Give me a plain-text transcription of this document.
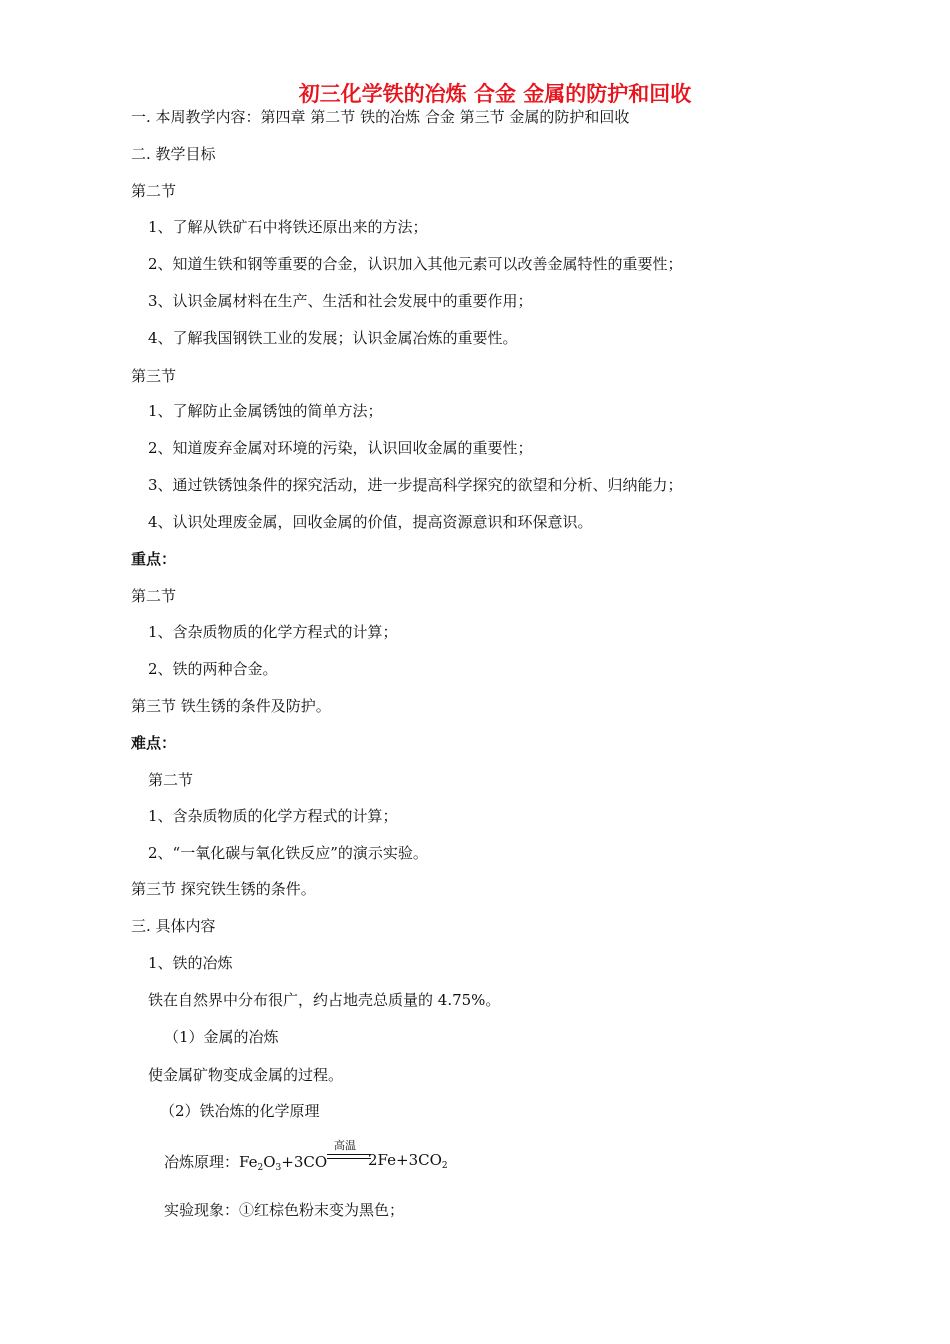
初三化学铁的冶炼 合金 金属的防护和回收
一. 本周教学内容：第四章 第二节 铁的冶炼 合金 第三节 金属的防护和回收
二. 教学目标
第二节
1、了解从铁矿石中将铁还原出来的方法；
2、知道生铁和钢等重要的合金，认识加入其他元素可以改善金属特性的重要性；
3、认识金属材料在生产、生活和社会发展中的重要作用；
4、了解我国钢铁工业的发展；认识金属冶炼的重要性。
第三节
1、了解防止金属锈蚀的简单方法；
2、知道废弃金属对环境的污染，认识回收金属的重要性；
3、通过铁锈蚀条件的探究活动，进一步提高科学探究的欲望和分析、归纳能力；
4、认识处理废金属，回收金属的价值，提高资源意识和环保意识。
重点：
第二节
1、含杂质物质的化学方程式的计算；
2、铁的两种合金。
第三节 铁生锈的条件及防护。
难点：
第二节
1、含杂质物质的化学方程式的计算；
2、“一氧化碳与氧化铁反应”的演示实验。
第三节 探究铁生锈的条件。
三. 具体内容
1、铁的冶炼
铁在自然界中分布很广，约占地壳总质量的 4.75%。
（1）金属的冶炼
使金属矿物变成金属的过程。
（2）铁冶炼的化学原理
高温
冶炼原理：$Fe_2O_3+3CO$	$2Fe+3CO_2$
实验现象：①红棕色粉末变为黑色；
